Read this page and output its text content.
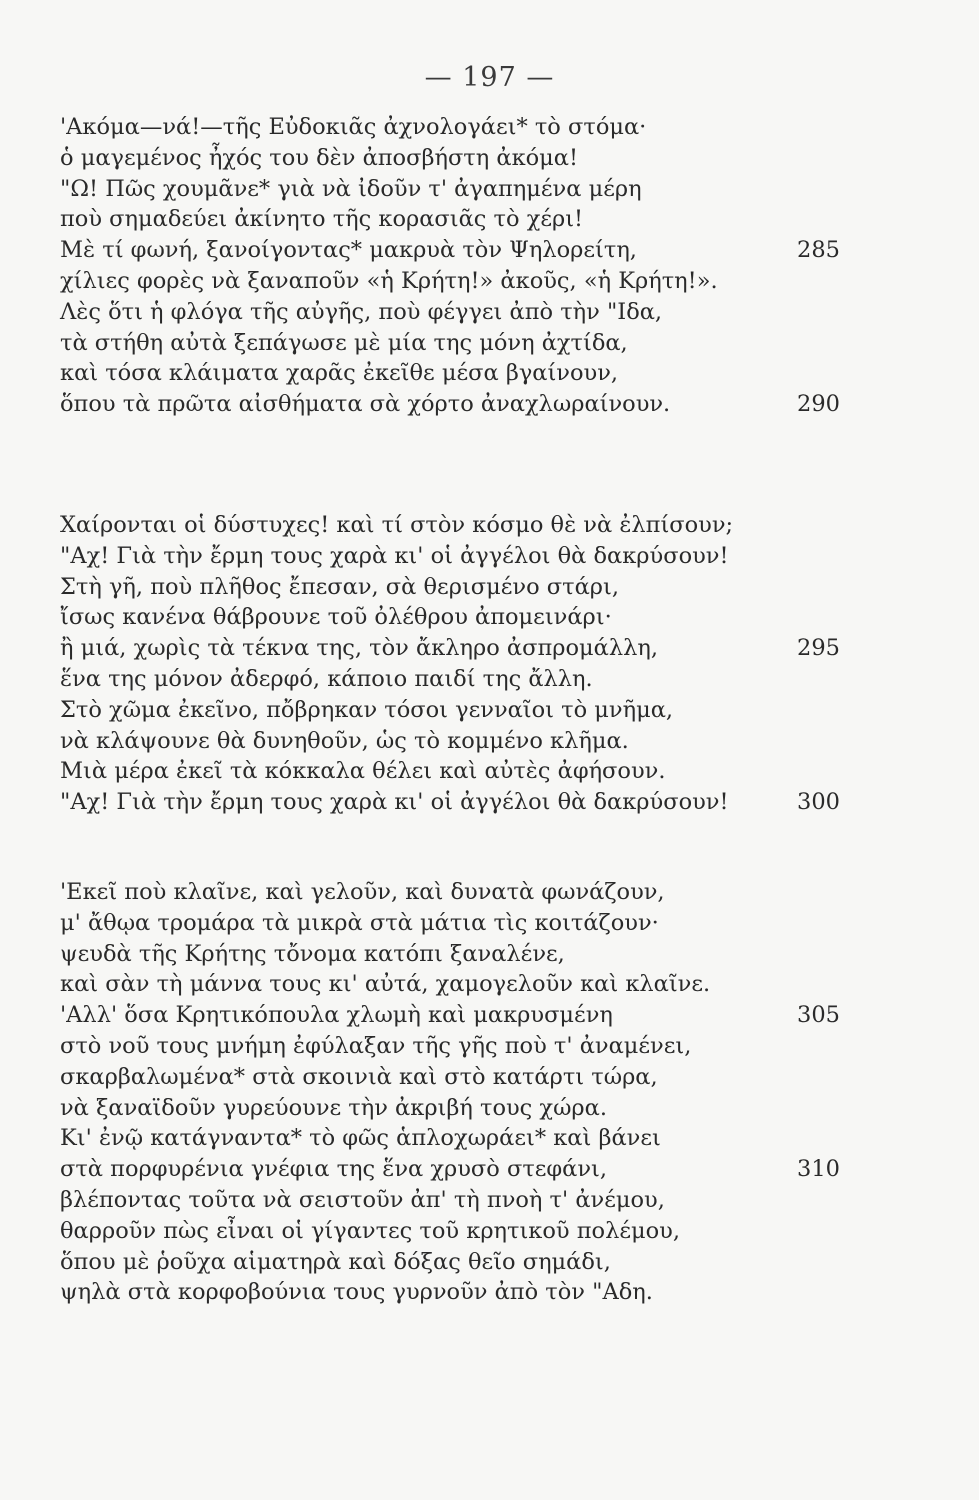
— 197 —
'Ακόμα—νά!—τῆς Εὐδοκιᾶς ἀχνολογάει* τὸ στόμα·
ὁ μαγεμένος ἦχός του δὲν ἀποσβήστη ἀκόμα!
"Ω! Πῶς χουμᾶνε* γιὰ νὰ ἰδοῦν τ' ἀγαπημένα μέρη
ποὺ σημαδεύει ἀκίνητο τῆς κορασιᾶς τὸ χέρι!
Μὲ τί φωνή, ξανοίγοντας* μακρυὰ τὸν Ψηλορείτη,	285
χίλιες φορὲς νὰ ξαναποῦν «ἡ Κρήτη!» ἀκοῦς, «ἡ Κρήτη!».
Λὲς ὅτι ἡ φλόγα τῆς αὐγῆς, ποὺ φέγγει ἀπὸ τὴν "Ιδα,
τὰ στήθη αὐτὰ ξεπάγωσε μὲ μία της μόνη ἀχτίδα,
καὶ τόσα κλάιματα χαρᾶς ἐκεῖθε μέσα βγαίνουν,
ὅπου τὰ πρῶτα αἰσθήματα σὰ χόρτο ἀναχλωραίνουν.	290
Χαίρονται οἱ δύστυχες! καὶ τί στὸν κόσμο θὲ νὰ ἐλπίσουν;
"Αχ! Γιὰ τὴν ἔρμη τους χαρὰ κι' οἱ ἀγγέλοι θὰ δακρύσουν!
Στὴ γῆ, ποὺ πλῆθος ἔπεσαν, σὰ θερισμένο στάρι,
ἴσως κανένα θάβρουνε τοῦ ὀλέθρου ἀπομεινάρι·
ἢ μιά, χωρὶς τὰ τέκνα της, τὸν ἄκληρο ἀσπρομάλλη,	295
ἕνα της μόνον ἀδερφό, κάποιο παιδί της ἄλλη.
Στὸ χῶμα ἐκεῖνο, πὄβρηκαν τόσοι γενναῖοι τὸ μνῆμα,
νὰ κλάψουνε θὰ δυνηθοῦν, ὡς τὸ κομμένο κλῆμα.
Μιὰ μέρα ἐκεῖ τὰ κόκκαλα θέλει καὶ αὐτὲς ἀφήσουν.
"Αχ! Γιὰ τὴν ἔρμη τους χαρὰ κι' οἱ ἀγγέλοι θὰ δακρύσουν!	300
'Εκεῖ ποὺ κλαῖνε, καὶ γελοῦν, καὶ δυνατὰ φωνάζουν,
μ' ἄθῳα τρομάρα τὰ μικρὰ στὰ μάτια τὶς κοιτάζουν·
ψευδὰ τῆς Κρήτης τὄνομα κατόπι ξαναλένε,
καὶ σὰν τὴ μάννα τους κι' αὐτά, χαμογελοῦν καὶ κλαῖνε.
'Αλλ' ὅσα Κρητικόπουλα χλωμὴ καὶ μακρυσμένη	305
στὸ νοῦ τους μνήμη ἐφύλαξαν τῆς γῆς ποὺ τ' ἀναμένει,
σκαρβαλωμένα* στὰ σκοινιὰ καὶ στὸ κατάρτι τώρα,
νὰ ξαναϊδοῦν γυρεύουνε τὴν ἀκριβή τους χώρα.
Κι' ἐνῷ κατάγναντα* τὸ φῶς ἁπλοχωράει* καὶ βάνει
στὰ πορφυρένια γνέφια της ἕνα χρυσὸ στεφάνι,	310
βλέποντας τοῦτα νὰ σειστοῦν ἀπ' τὴ πνοὴ τ' ἀνέμου,
θαρροῦν πὼς εἶναι οἱ γίγαντες τοῦ κρητικοῦ πολέμου,
ὅπου μὲ ῥοῦχα αἱματηρὰ καὶ δόξας θεῖο σημάδι,
ψηλὰ στὰ κορφοβούνια τους γυρνοῦν ἀπὸ τὸν "Αδη.
